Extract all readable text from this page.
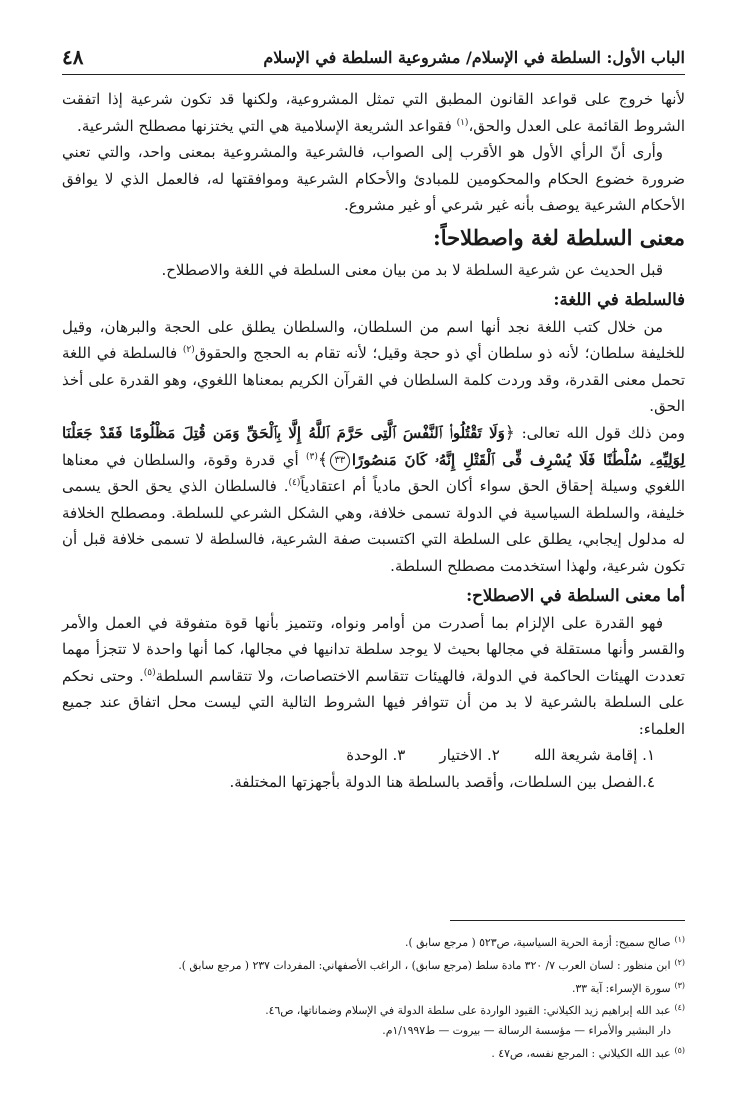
الباب الأول: السلطة في الإسلام/ مشروعية السلطة في الإسلام
٤٨

لأنها خروج على قواعد القانون المطبق التي تمثل المشروعية، ولكنها قد تكون شرعية إذا اتفقت الشروط القائمة على العدل والحق،$^{(١)}$ فقواعد الشريعة الإسلامية هي التي يختزنها مصطلح الشرعية.

وأرى أنّ الرأي الأول هو الأقرب إلى الصواب، فالشرعية والمشروعية بمعنى واحد، والتي تعني ضرورة خضوع الحكام والمحكومين للمبادئ والأحكام الشرعية وموافقتها له، فالعمل الذي لا يوافق الأحكام الشرعية يوصف بأنه غير شرعي أو غير مشروع.

معنى السلطة لغة واصطلاحاً:

قبل الحديث عن شرعية السلطة لا بد من بيان معنى السلطة في اللغة والاصطلاح.

فالسلطة في اللغة:

من خلال كتب اللغة نجد أنها اسم من السلطان، والسلطان يطلق على الحجة والبرهان، وقيل للخليفة سلطان؛ لأنه ذو سلطان أي ذو حجة وقيل؛ لأنه تقام به الحجج والحقوق$^{(٢)}$ فالسلطة في اللغة تحمل معنى القدرة، وقد وردت كلمة السلطان في القرآن الكريم بمعناها اللغوي، وهو القدرة على أخذ الحق.

ومن ذلك قول الله تعالى: ﴿وَلَا تَقْتُلُوا۟ ٱلنَّفْسَ ٱلَّتِى حَرَّمَ ٱللَّهُ إِلَّا بِٱلْحَقِّ وَمَن قُتِلَ مَظْلُومًا فَقَدْ جَعَلْنَا لِوَلِيِّهِۦ سُلْطَٰنًا فَلَا يُسْرِف فِّى ٱلْقَتْلِ إِنَّهُۥ كَانَ مَنصُورًا٣٣﴾$^{(٣)}$ أي قدرة وقوة، والسلطان في معناها اللغوي وسيلة إحقاق الحق سواء أكان الحق مادياً أم اعتقادياً$^{(٤)}$. فالسلطان الذي يحق الحق يسمى خليفة، والسلطة السياسية في الدولة تسمى خلافة، وهي الشكل الشرعي للسلطة. ومصطلح الخلافة له مدلول إيجابي، يطلق على السلطة التي اكتسبت صفة الشرعية، فالسلطة لا تسمى خلافة قبل أن تكون شرعية، ولهذا استخدمت مصطلح السلطة.

أما معنى السلطة في الاصطلاح:

فهو القدرة على الإلزام بما أصدرت من أوامر ونواه، وتتميز بأنها قوة متفوقة في العمل والأمر والقسر وأنها مستقلة في مجالها بحيث لا يوجد سلطة تدانيها في مجالها، كما أنها واحدة لا تتجزأ مهما تعددت الهيئات الحاكمة في الدولة، فالهيئات تتقاسم الاختصاصات، ولا تتقاسم السلطة$^{(٥)}$. وحتى نحكم على السلطة بالشرعية لا بد من أن تتوافر فيها الشروط التالية التي ليست محل اتفاق عند جميع العلماء:

١. إقامة شريعة الله
٢. الاختيار
٣. الوحدة
٤.الفصل بين السلطات، وأقصد بالسلطة هنا الدولة بأجهزتها المختلفة.

$^{(١)}$صالح سميح: أزمة الحرية السياسية، ص٥٢٣ ( مرجع سابق ).

$^{(٢)}$ابن منظور : لسان العرب ٧/ ٣٢٠ مادة سلط (مرجع سابق) ، الراغب الأصفهاني: المفردات ٢٣٧ ( مرجع سابق ).

$^{(٣)}$سورة الإسراء: آية ٣٣.

$^{(٤)}$عبد الله إبراهيم زيد الكيلاني: القيود الواردة على سلطة الدولة في الإسلام وضماناتها، ص٤٦.

دار البشير والأمراء — مؤسسة الرسالة — بيروت — ط١/١٩٩٧م.

$^{(٥)}$عبد الله الكيلاني : المرجع نفسه، ص٤٧ .
